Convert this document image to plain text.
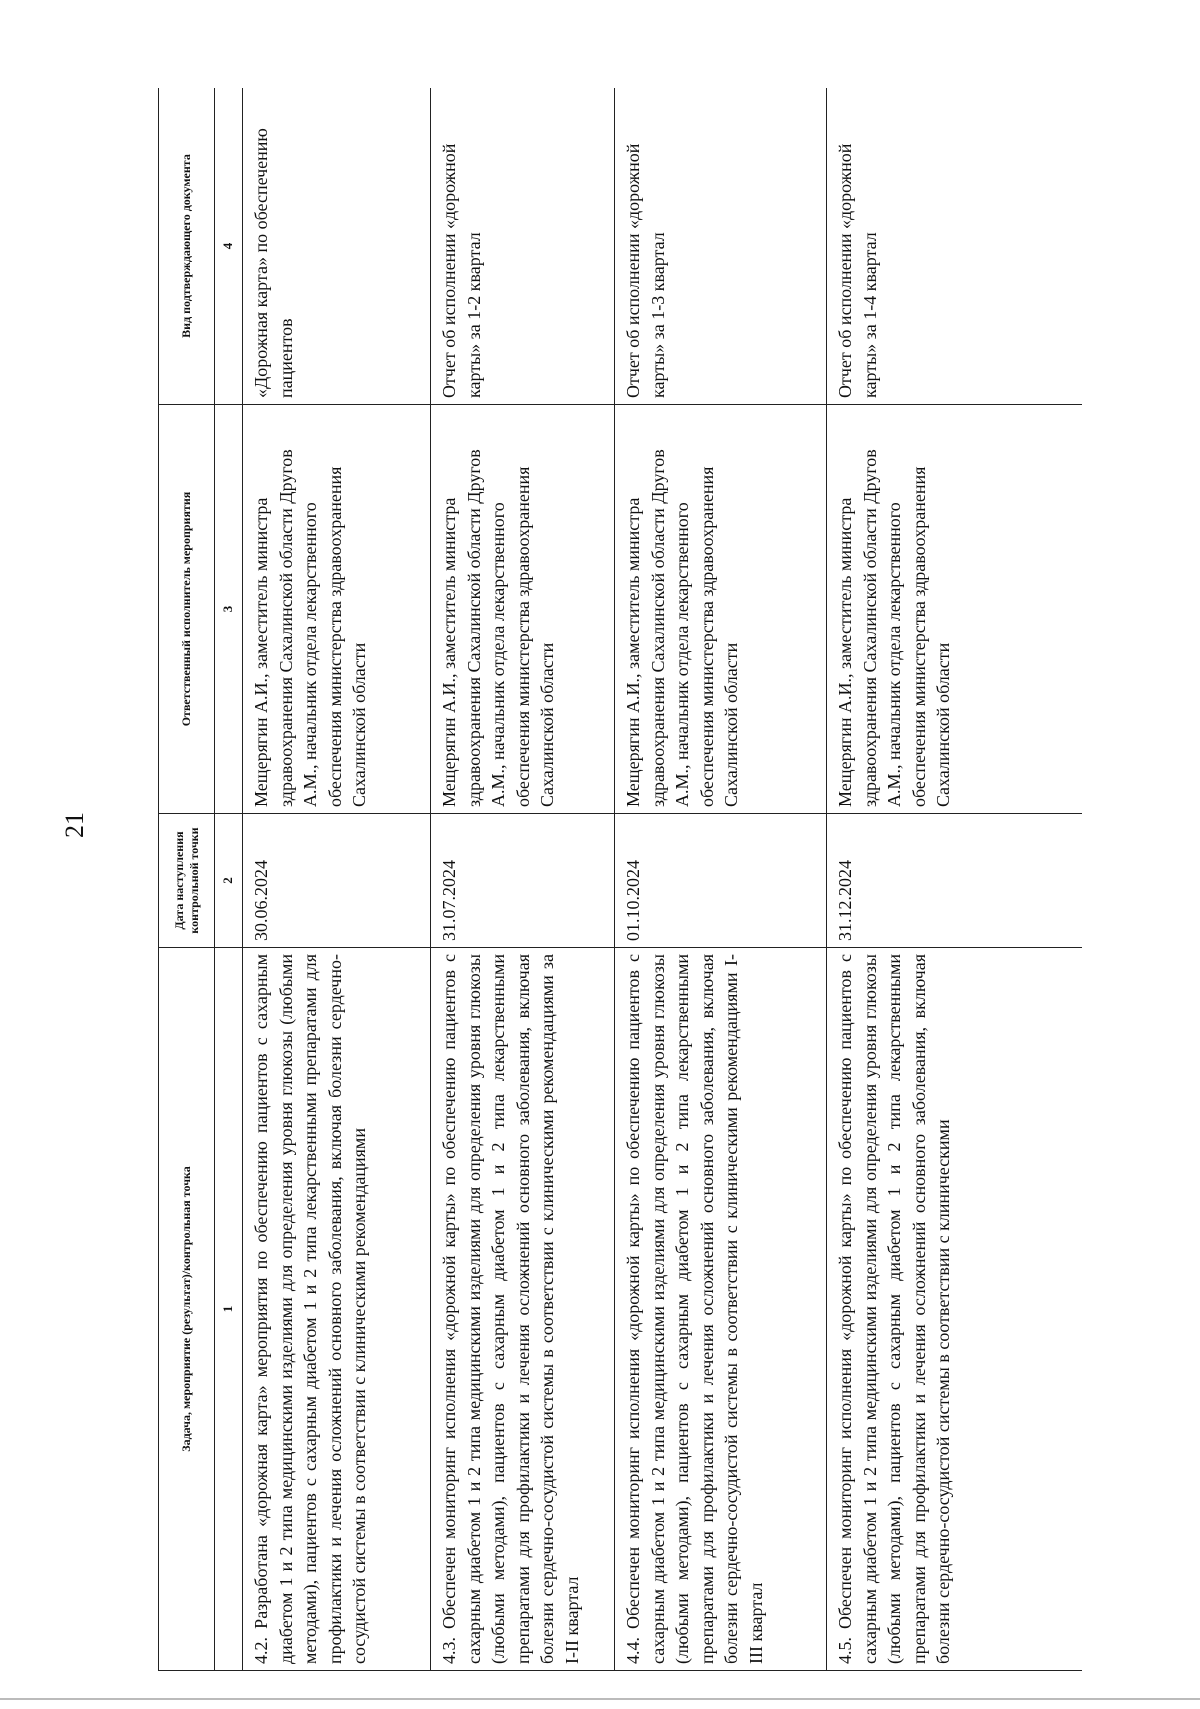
21
Задача, мероприятие (результат)/контрольная точка	Дата наступления контрольной точки	Ответственный исполнитель мероприятия	Вид подтверждающего документа
1	2	3	4
4.2. Разработана «дорожная карта» мероприятия по обеспечению пациентов с сахарным диабетом 1 и 2 типа медицинскими изделиями для определения уровня глюкозы (любыми методами), пациентов с сахарным диабетом 1 и 2 типа лекарственными препаратами для профилактики и лечения осложнений основного заболевания, включая болезни сердечно-сосудистой системы в соответствии с клиническими рекомендациями	30.06.2024	Мещерягин А.И., заместитель министра здравоохранения Сахалинской области Другов А.М., начальник отдела лекарственного обеспечения министерства здравоохранения Сахалинской области	«Дорожная карта» по обеспечению пациентов
4.3. Обеспечен мониторинг исполнения «дорожной карты» по обеспечению пациентов с сахарным диабетом 1 и 2 типа медицинскими изделиями для определения уровня глюкозы (любыми методами), пациентов с сахарным диабетом 1 и 2 типа лекарственными препаратами для профилактики и лечения осложнений основного заболевания, включая болезни сердечно-сосудистой системы в соответствии с клиническими рекомендациями за I-II квартал	31.07.2024	Мещерягин А.И., заместитель министра здравоохранения Сахалинской области Другов А.М., начальник отдела лекарственного обеспечения министерства здравоохранения Сахалинской области	Отчет об исполнении «дорожной карты» за 1-2 квартал
4.4. Обеспечен мониторинг исполнения «дорожной карты» по обеспечению пациентов с сахарным диабетом 1 и 2 типа медицинскими изделиями для определения уровня глюкозы (любыми методами), пациентов с сахарным диабетом 1 и 2 типа лекарственными препаратами для профилактики и лечения осложнений основного заболевания, включая болезни сердечно-сосудистой системы в соответствии с клиническими рекомендациями I-III квартал	01.10.2024	Мещерягин А.И., заместитель министра здравоохранения Сахалинской области Другов А.М., начальник отдела лекарственного обеспечения министерства здравоохранения Сахалинской области	Отчет об исполнении «дорожной карты» за 1-3 квартал
4.5. Обеспечен мониторинг исполнения «дорожной карты» по обеспечению пациентов с сахарным диабетом 1 и 2 типа медицинскими изделиями для определения уровня глюкозы (любыми методами), пациентов с сахарным диабетом 1 и 2 типа лекарственными препаратами для профилактики и лечения осложнений основного заболевания, включая болезни сердечно-сосудистой системы в соответствии с клиническими	31.12.2024	Мещерягин А.И., заместитель министра здравоохранения Сахалинской области Другов А.М., начальник отдела лекарственного обеспечения министерства здравоохранения Сахалинской области	Отчет об исполнении «дорожной карты» за 1-4 квартал
